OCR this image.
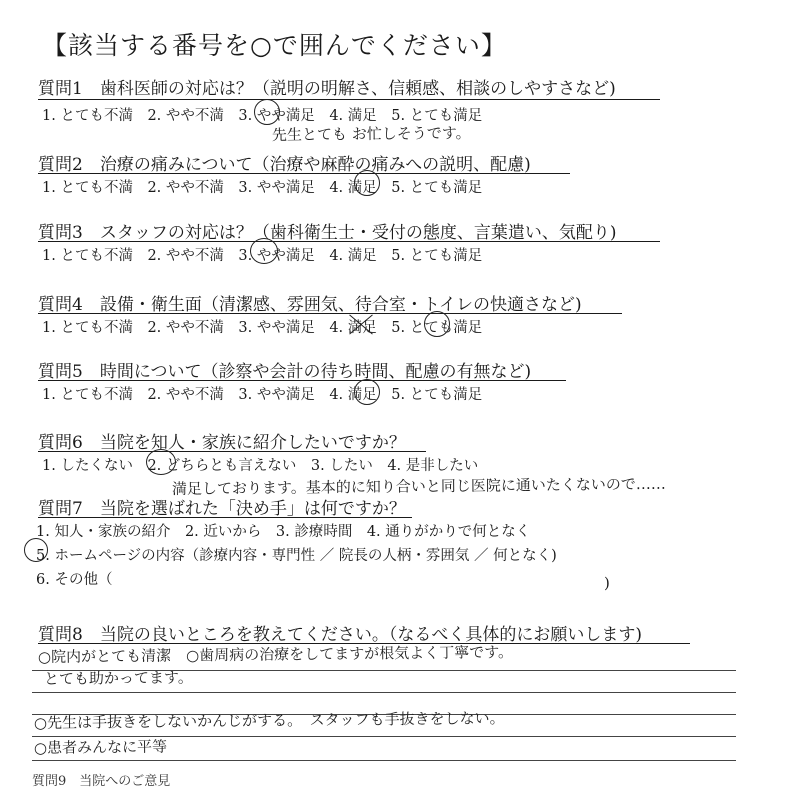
【該当する番号を○で囲んでください】
質問1　歯科医師の対応は？（説明の明解さ、信頼感、相談のしやすさなど)
1. とても不満　2. やや不満　3. やや満足　4. 満足　5. とても満足
先生とても お忙しそうです。
質問2　治療の痛みについて（治療や麻酔の痛みへの説明、配慮)
1. とても不満　2. やや不満　3. やや満足　4. 満足　5. とても満足
質問3　スタッフの対応は？（歯科衛生士・受付の態度、言葉遣い、気配り)
1. とても不満　2. やや不満　3. やや満足　4. 満足　5. とても満足
質問4　設備・衛生面（清潔感、雰囲気、待合室・トイレの快適さなど)
1. とても不満　2. やや不満　3. やや満足　4. 満足　5. とても満足
質問5　時間について（診察や会計の待ち時間、配慮の有無など)
1. とても不満　2. やや不満　3. やや満足　4. 満足　5. とても満足
質問6　当院を知人・家族に紹介したいですか？
1. したくない　2. どちらとも言えない　3. したい　4. 是非したい
満足しております。基本的に知り合いと同じ医院に通いたくないので……
質問7　当院を選ばれた「決め手」は何ですか？
1. 知人・家族の紹介　2. 近いから　3. 診療時間　4. 通りがかりで何となく
5. ホームページの内容（診療内容・専門性 ／ 院長の人柄・雰囲気 ／ 何となく)
6. その他（	)
質問8　当院の良いところを教えてください。（なるべく具体的にお願いします)
○院内がとても清潔　○歯周病の治療をしてますが根気よく丁寧です。
とても助かってます。
○先生は手抜きをしないかんじがする。　スタッフも手抜きをしない。
○患者みんなに平等
質問9　当院へのご意見
